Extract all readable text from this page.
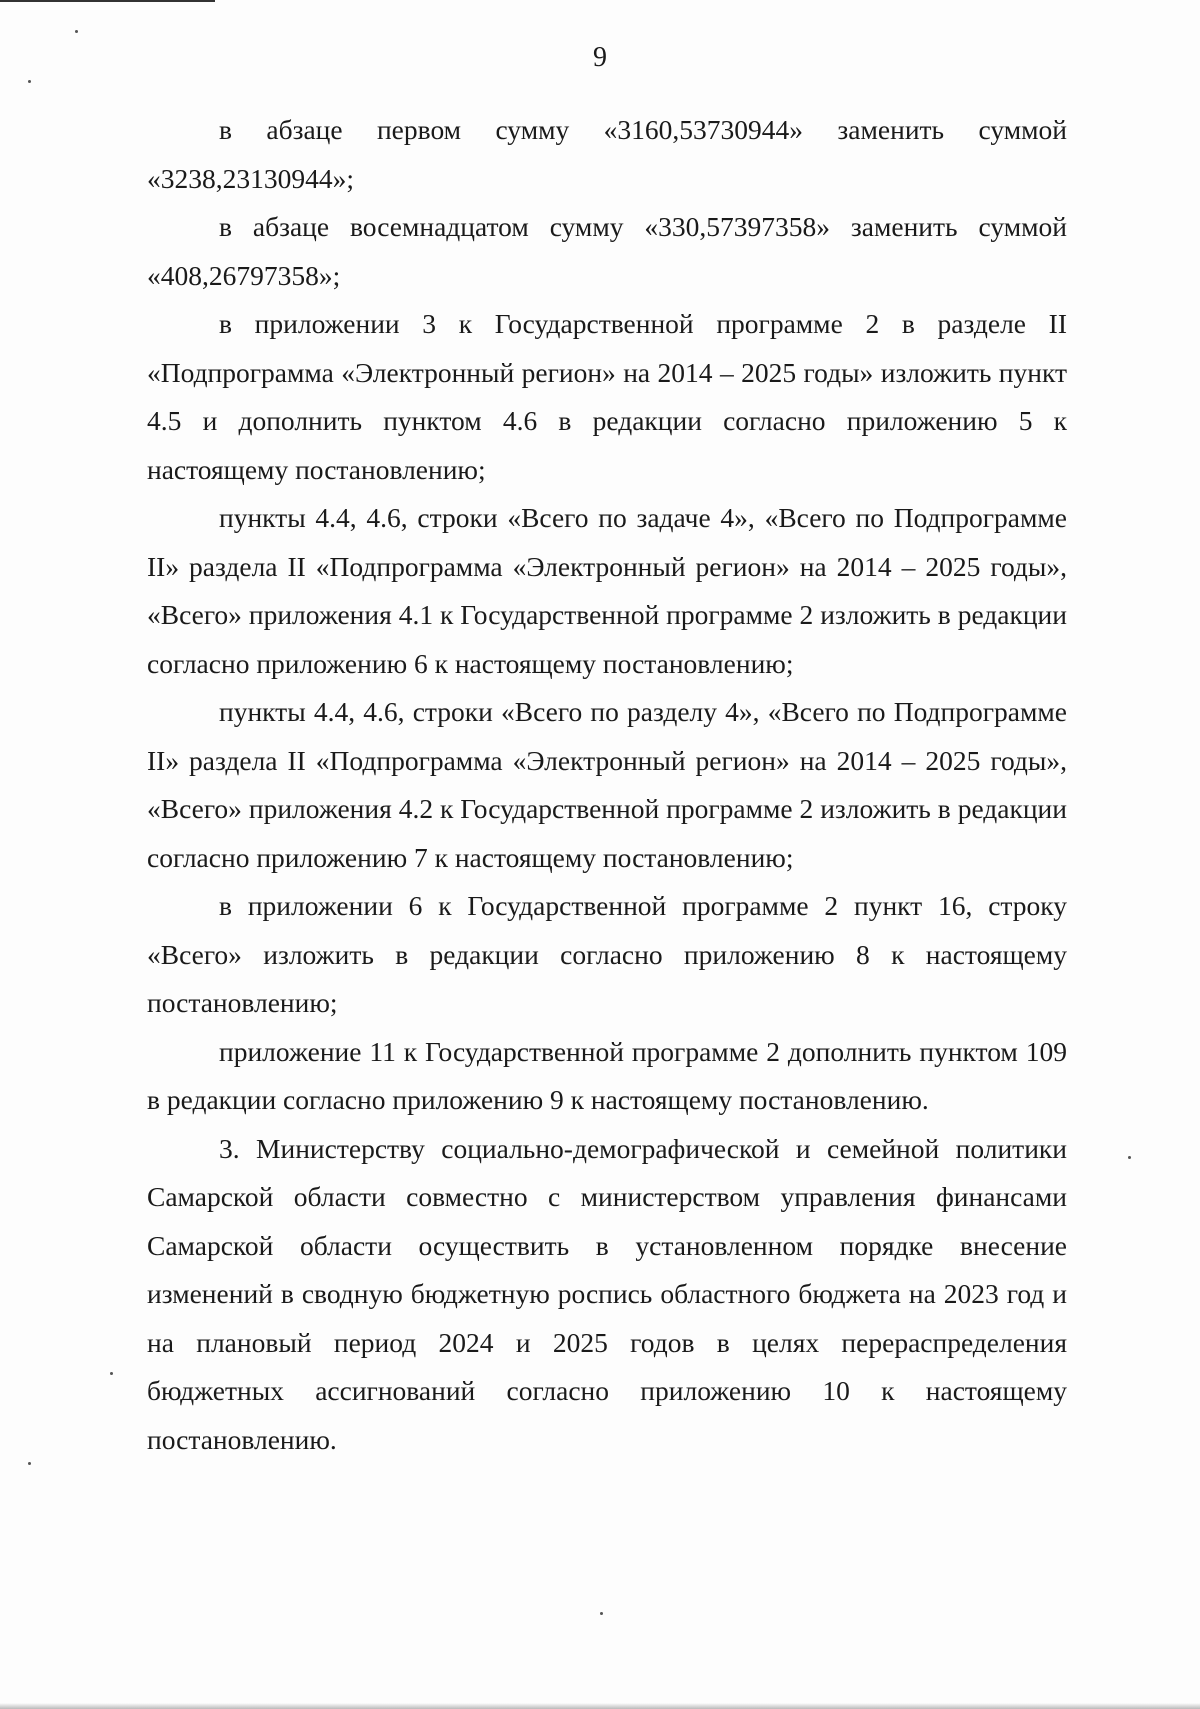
9

в абзаце первом сумму «3160,53730944» заменить суммой «3238,23130944»;

в абзаце восемнадцатом сумму «330,57397358» заменить суммой «408,26797358»;

в приложении 3 к Государственной программе 2 в разделе II «Подпрограмма «Электронный регион» на 2014 – 2025 годы» изложить пункт 4.5 и дополнить пунктом 4.6 в редакции согласно приложению 5 к настоящему постановлению;

пункты 4.4, 4.6, строки «Всего по задаче 4», «Всего по Подпрограмме II» раздела II «Подпрограмма «Электронный регион» на 2014 – 2025 годы», «Всего» приложения 4.1 к Государственной программе 2 изложить в редакции согласно приложению 6 к настоящему постановлению;

пункты 4.4, 4.6, строки «Всего по разделу 4», «Всего по Подпрограмме II» раздела II «Подпрограмма «Электронный регион» на 2014 – 2025 годы», «Всего» приложения 4.2 к Государственной программе 2 изложить в редакции согласно приложению 7 к настоящему постановлению;

в приложении 6 к Государственной программе 2 пункт 16, строку «Всего» изложить в редакции согласно приложению 8 к настоящему постановлению;

приложение 11 к Государственной программе 2 дополнить пунктом 109 в редакции согласно приложению 9 к настоящему постановлению.

3. Министерству социально-демографической и семейной политики Самарской области совместно с министерством управления финансами Самарской области осуществить в установленном порядке внесение изменений в сводную бюджетную роспись областного бюджета на 2023 год и на плановый период 2024 и 2025 годов в целях перераспределения бюджетных ассигнований согласно приложению 10 к настоящему постановлению.
